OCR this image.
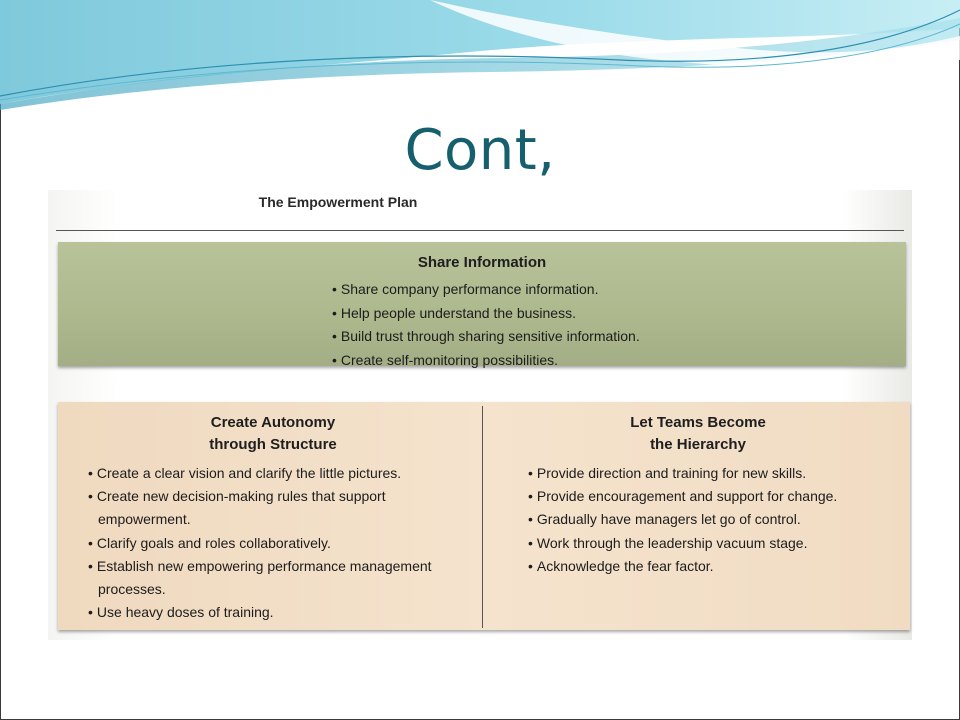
Cont,
The Empowerment Plan
Share Information
• Share company performance information.
• Help people understand the business.
• Build trust through sharing sensitive information.
• Create self-monitoring possibilities.
Create Autonomy
through Structure
• Create a clear vision and clarify the little pictures.
• Create new decision-making rules that support empowerment.
• Clarify goals and roles collaboratively.
• Establish new empowering performance management processes.
• Use heavy doses of training.
Let Teams Become
the Hierarchy
• Provide direction and training for new skills.
• Provide encouragement and support for change.
• Gradually have managers let go of control.
• Work through the leadership vacuum stage.
• Acknowledge the fear factor.
